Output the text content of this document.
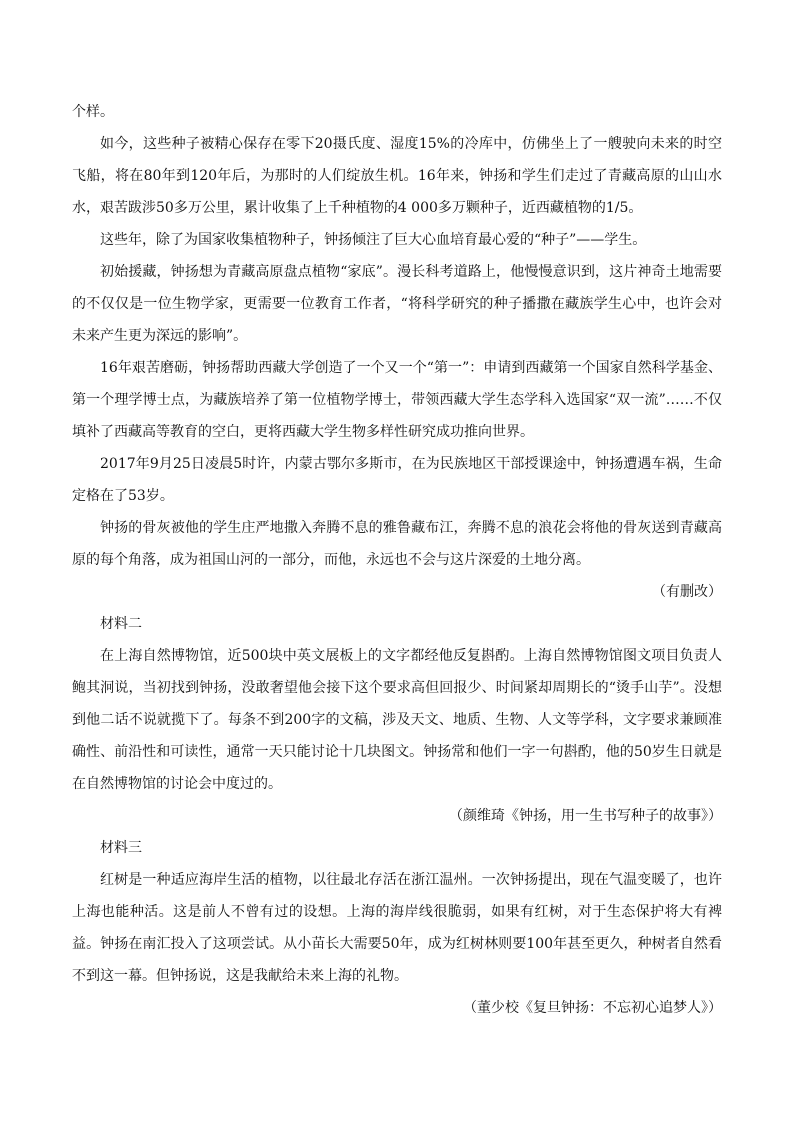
个样。

如今，这些种子被精心保存在零下20摄氏度、湿度15%的冷库中，仿佛坐上了一艘驶向未来的时空飞船，将在80年到120年后，为那时的人们绽放生机。16年来，钟扬和学生们走过了青藏高原的山山水水，艰苦跋涉50多万公里，累计收集了上千种植物的4 000多万颗种子，近西藏植物的1/5。

这些年，除了为国家收集植物种子，钟扬倾注了巨大心血培育最心爱的“种子”——学生。

初始援藏，钟扬想为青藏高原盘点植物“家底”。漫长科考道路上，他慢慢意识到，这片神奇土地需要的不仅仅是一位生物学家，更需要一位教育工作者，“将科学研究的种子播撒在藏族学生心中，也许会对未来产生更为深远的影响”。

16年艰苦磨砺，钟扬帮助西藏大学创造了一个又一个“第一”：申请到西藏第一个国家自然科学基金、第一个理学博士点，为藏族培养了第一位植物学博士，带领西藏大学生态学科入选国家“双一流”……不仅填补了西藏高等教育的空白，更将西藏大学生物多样性研究成功推向世界。

2017年9月25日凌晨5时许，内蒙古鄂尔多斯市，在为民族地区干部授课途中，钟扬遭遇车祸，生命定格在了53岁。

钟扬的骨灰被他的学生庄严地撒入奔腾不息的雅鲁藏布江，奔腾不息的浪花会将他的骨灰送到青藏高原的每个角落，成为祖国山河的一部分，而他，永远也不会与这片深爱的土地分离。

（有删改）

材料二

在上海自然博物馆，近500块中英文展板上的文字都经他反复斟酌。上海自然博物馆图文项目负责人鲍其泂说，当初找到钟扬，没敢奢望他会接下这个要求高但回报少、时间紧却周期长的“烫手山芋”。没想到他二话不说就揽下了。每条不到200字的文稿，涉及天文、地质、生物、人文等学科，文字要求兼顾准确性、前沿性和可读性，通常一天只能讨论十几块图文。钟扬常和他们一字一句斟酌，他的50岁生日就是在自然博物馆的讨论会中度过的。

（颜维琦《钟扬，用一生书写种子的故事》）

材料三

红树是一种适应海岸生活的植物，以往最北存活在浙江温州。一次钟扬提出，现在气温变暖了，也许上海也能种活。这是前人不曾有过的设想。上海的海岸线很脆弱，如果有红树，对于生态保护将大有裨益。钟扬在南汇投入了这项尝试。从小苗长大需要50年，成为红树林则要100年甚至更久，种树者自然看不到这一幕。但钟扬说，这是我献给未来上海的礼物。

（董少校《复旦钟扬：不忘初心追梦人》）
